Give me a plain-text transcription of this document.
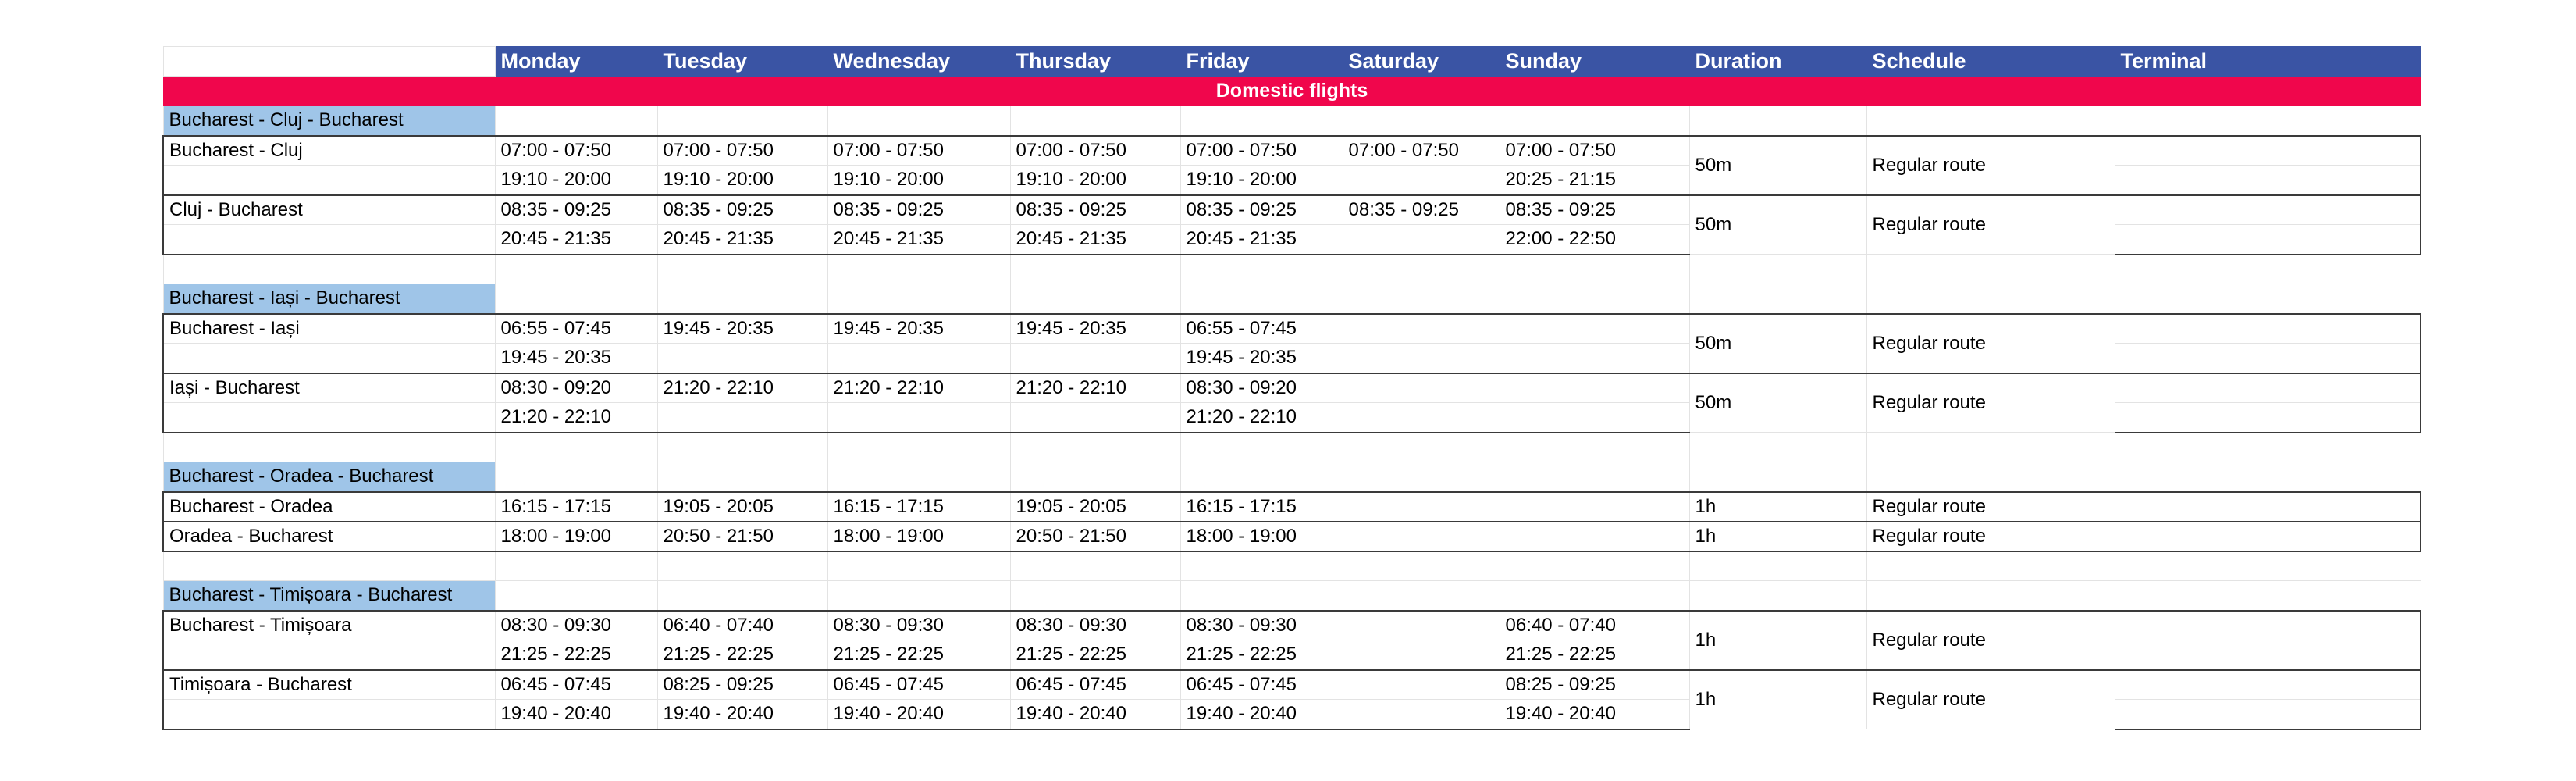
	Monday	Tuesday	Wednesday	Thursday	Friday	Saturday	Sunday	Duration	Schedule	Terminal
Domestic flights										
Bucharest - Cluj - Bucharest										
Bucharest - Cluj	07:00 - 07:50	07:00 - 07:50	07:00 - 07:50	07:00 - 07:50	07:00 - 07:50	07:00 - 07:50	07:00 - 07:50	50m	Regular route	
	19:10 - 20:00	19:10 - 20:00	19:10 - 20:00	19:10 - 20:00	19:10 - 20:00		20:25 - 21:15			
Cluj - Bucharest	08:35 - 09:25	08:35 - 09:25	08:35 - 09:25	08:35 - 09:25	08:35 - 09:25	08:35 - 09:25	08:35 - 09:25	50m	Regular route	
	20:45 - 21:35	20:45 - 21:35	20:45 - 21:35	20:45 - 21:35	20:45 - 21:35		22:00 - 22:50			

Bucharest - Iași - Bucharest										
Bucharest - Iași	06:55 - 07:45	19:45 - 20:35	19:45 - 20:35	19:45 - 20:35	06:55 - 07:45			50m	Regular route	
	19:45 - 20:35				19:45 - 20:35					
Iași - Bucharest	08:30 - 09:20	21:20 - 22:10	21:20 - 22:10	21:20 - 22:10	08:30 - 09:20			50m	Regular route	
	21:20 - 22:10				21:20 - 22:10					

Bucharest - Oradea - Bucharest										
Bucharest - Oradea	16:15 - 17:15	19:05 - 20:05	16:15 - 17:15	19:05 - 20:05	16:15 - 17:15			1h	Regular route	
Oradea - Bucharest	18:00 - 19:00	20:50 - 21:50	18:00 - 19:00	20:50 - 21:50	18:00 - 19:00			1h	Regular route	

Bucharest - Timișoara - Bucharest										
Bucharest - Timișoara	08:30 - 09:30	06:40 - 07:40	08:30 - 09:30	08:30 - 09:30	08:30 - 09:30		06:40 - 07:40	1h	Regular route	
	21:25 - 22:25	21:25 - 22:25	21:25 - 22:25	21:25 - 22:25	21:25 - 22:25		21:25 - 22:25			
Timișoara - Bucharest	06:45 - 07:45	08:25 - 09:25	06:45 - 07:45	06:45 - 07:45	06:45 - 07:45		08:25 - 09:25	1h	Regular route	
	19:40 - 20:40	19:40 - 20:40	19:40 - 20:40	19:40 - 20:40	19:40 - 20:40		19:40 - 20:40			
